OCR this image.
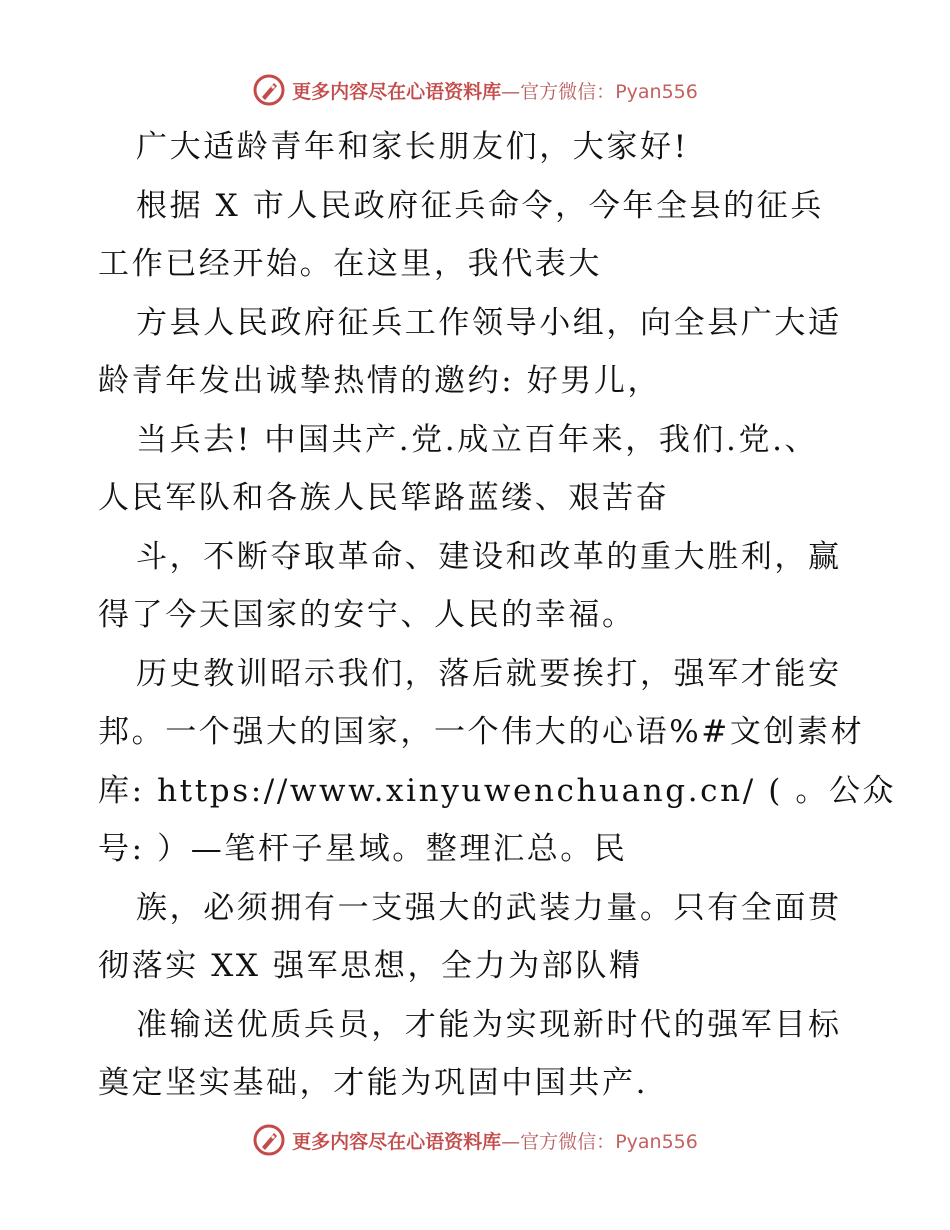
更多内容尽在心语资料库—官方微信：Pyan556
广大适龄青年和家长朋友们，大家好!
根据 X 市人民政府征兵命令，今年全县的征兵
工作已经开始。在这里，我代表大
方县人民政府征兵工作领导小组，向全县广大适
龄青年发出诚挚热情的邀约: 好男儿，
当兵去! 中国共产.党.成立百年来，我们.党.、
人民军队和各族人民筚路蓝缕、艰苦奋
斗，不断夺取革命、建设和改革的重大胜利，赢
得了今天国家的安宁、人民的幸福。
历史教训昭示我们，落后就要挨打，强军才能安
邦。一个强大的国家，一个伟大的心语%#文创素材
库: https://www.xinyuwenchuang.cn/ ( 。公众
号: ）—笔杆子星域。整理汇总。民
族，必须拥有一支强大的武装力量。只有全面贯
彻落实 XX 强军思想，全力为部队精
准输送优质兵员，才能为实现新时代的强军目标
奠定坚实基础，才能为巩固中国共产.
更多内容尽在心语资料库—官方微信：Pyan556
